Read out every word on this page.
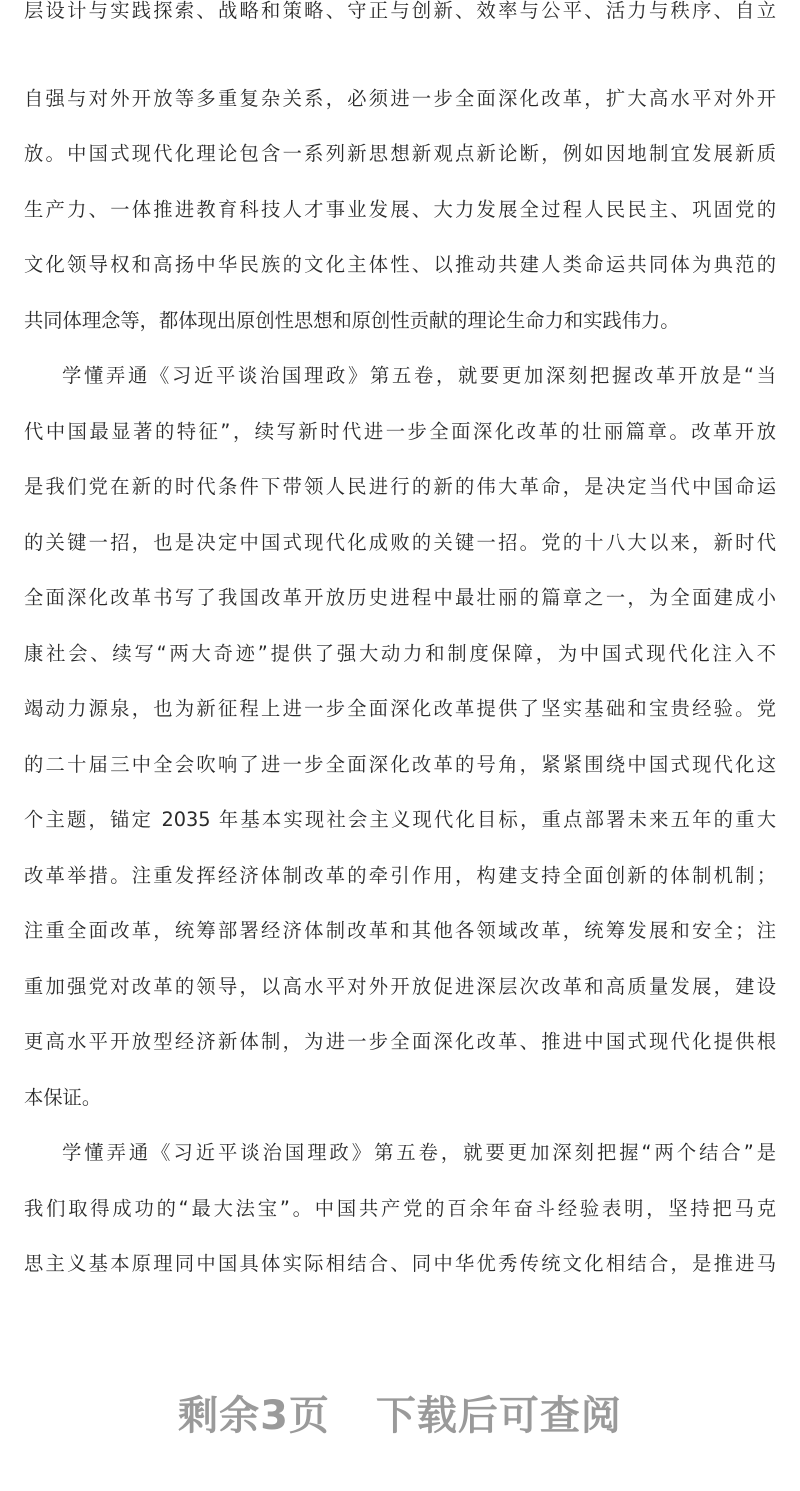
层设计与实践探索、战略和策略、守正与创新、效率与公平、活力与秩序、自立
自强与对外开放等多重复杂关系，必须进一步全面深化改革，扩大高水平对外开
放。中国式现代化理论包含一系列新思想新观点新论断，例如因地制宜发展新质
生产力、一体推进教育科技人才事业发展、大力发展全过程人民民主、巩固党的
文化领导权和高扬中华民族的文化主体性、以推动共建人类命运共同体为典范的
共同体理念等，都体现出原创性思想和原创性贡献的理论生命力和实践伟力。
学懂弄通《习近平谈治国理政》第五卷，就要更加深刻把握改革开放是“当
代中国最显著的特征”，续写新时代进一步全面深化改革的壮丽篇章。改革开放
是我们党在新的时代条件下带领人民进行的新的伟大革命，是决定当代中国命运
的关键一招，也是决定中国式现代化成败的关键一招。党的十八大以来，新时代
全面深化改革书写了我国改革开放历史进程中最壮丽的篇章之一，为全面建成小
康社会、续写“两大奇迹”提供了强大动力和制度保障，为中国式现代化注入不
竭动力源泉，也为新征程上进一步全面深化改革提供了坚实基础和宝贵经验。党
的二十届三中全会吹响了进一步全面深化改革的号角，紧紧围绕中国式现代化这
个主题，锚定 2035 年基本实现社会主义现代化目标，重点部署未来五年的重大
改革举措。注重发挥经济体制改革的牵引作用，构建支持全面创新的体制机制；
注重全面改革，统筹部署经济体制改革和其他各领域改革，统筹发展和安全；注
重加强党对改革的领导，以高水平对外开放促进深层次改革和高质量发展，建设
更高水平开放型经济新体制，为进一步全面深化改革、推进中国式现代化提供根
本保证。
学懂弄通《习近平谈治国理政》第五卷，就要更加深刻把握“两个结合”是
我们取得成功的“最大法宝”。中国共产党的百余年奋斗经验表明，坚持把马克
思主义基本原理同中国具体实际相结合、同中华优秀传统文化相结合，是推进马
剩余3页 下载后可查阅
